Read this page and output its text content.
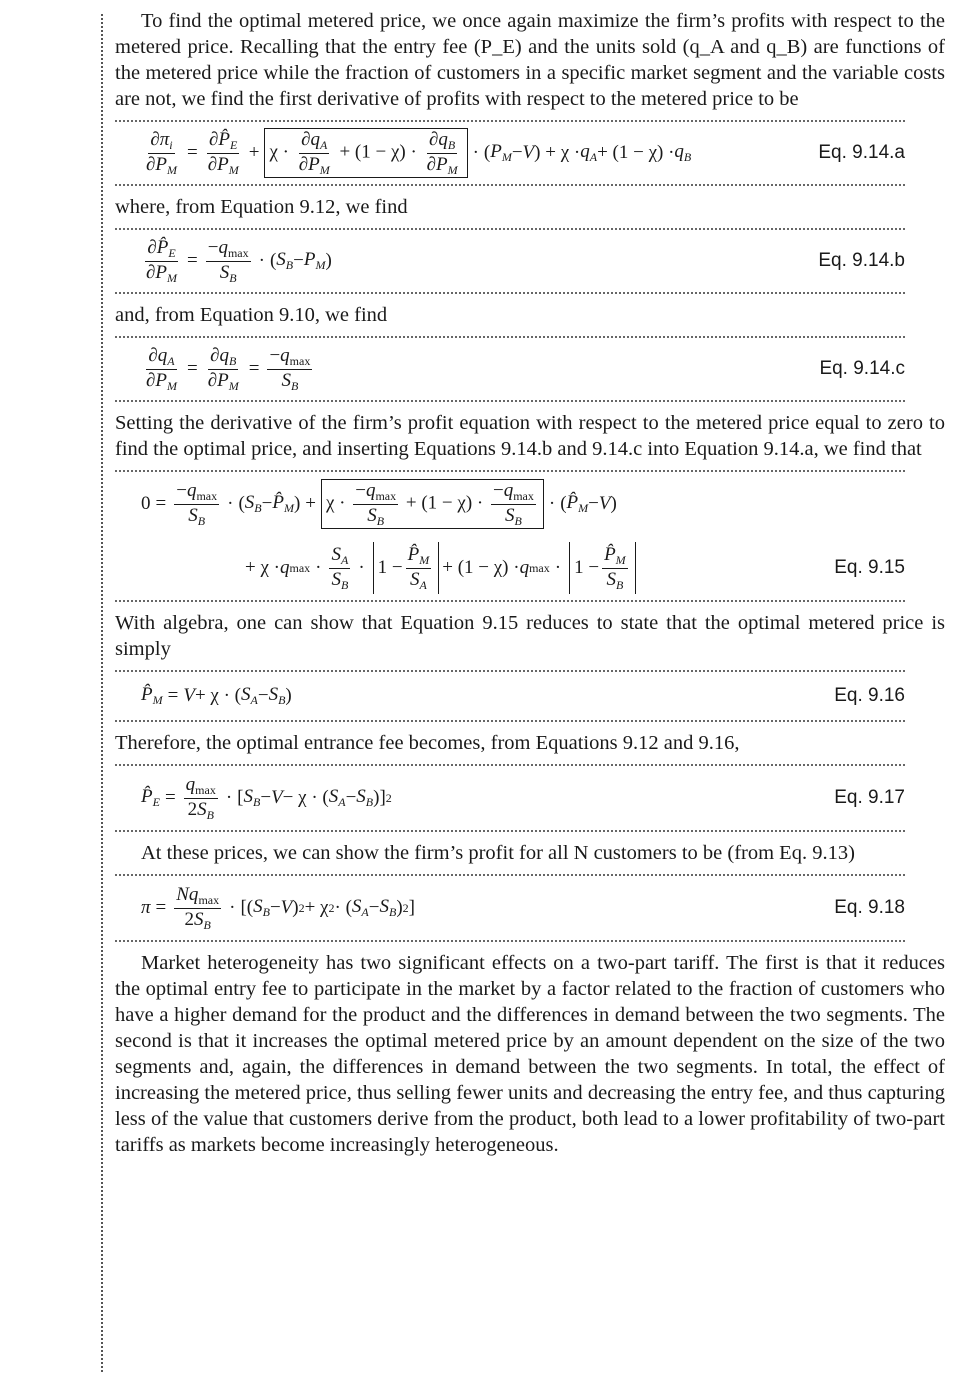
To find the optimal metered price, we once again maximize the firm’s profits with respect to the metered price. Recalling that the entry fee (P_E) and the units sold (q_A and q_B) are functions of the metered price while the fraction of customers in a specific market segment and the variable costs are not, we find the first derivative of profits with respect to the metered price to be

$\frac{\partial\pi_i}{\partial P_M} = \frac{\partial P̂_E}{\partial P_M} + \chi \cdot \frac{\partial q_A}{\partial P_M} + (1 - \chi) \cdot \frac{\partial q_B}{\partial P_M}$ · ( $P_M - V$ ) + $\chi \cdot q_A + (1 - \chi) \cdot q_B$	Eq. 9.14.a

where, from Equation 9.12, we find

$\frac{\partial P̂_E}{\partial P_M} = \frac{-q_{max}}{S_B}$ · ( $S_B - P_M$ )	Eq. 9.14.b

and, from Equation 9.10, we find

$\frac{\partial q_A}{\partial P_M} = \frac{\partial q_B}{\partial P_M} = \frac{-q_{max}}{S_B}$	Eq. 9.14.c

Setting the derivative of the firm’s profit equation with respect to the metered price equal to zero to find the optimal price, and inserting Equations 9.14.b and 9.14.c into Equation 9.14.a, we find that

$0 = \frac{-q_{max}}{S_B}$ · ( $S_B$ − $P̂_M$ ) + $\chi \cdot \frac{-q_{max}}{S_B} + (1 - \chi) \cdot \frac{-q_{max}}{S_B}$ · ( $P̂_M - V$ )
+ χ · q $\max \cdot \frac{S_A}{S_B} \cdot 1 - \frac{P̂_M}{S_A} + (1 - \chi) \cdot q$ $\max \cdot 1 - \frac{P̂_M}{S_B}$	Eq. 9.15

With algebra, one can show that Equation 9.15 reduces to state that the optimal metered price is simply

$P̂_M = V + \chi$ · ( $S_A - S_B$ )	Eq. 9.16

Therefore, the optimal entrance fee becomes, from Equations 9.12 and 9.16,

$P̂_E = \frac{q_{max}}{2S_B}$ · [ $S_B - V - \chi$ · ( $S_A - S_B$ )] 2	Eq. 9.17

At these prices, we can show the firm’s profit for all N customers to be (from Eq. 9.13)

$\pi = \frac{Nq_{max}}{2S_B}$ · [( $S_B - V$ ) 2 + χ 2 · ( $S_A - S_B$ ) 2 ]	Eq. 9.18

Market heterogeneity has two significant effects on a two-part tariff. The first is that it reduces the optimal entry fee to participate in the market by a factor related to the fraction of customers who have a higher demand for the product and the differences in demand between the two segments. The second is that it increases the optimal metered price by an amount dependent on the size of the two segments and, again, the differences in demand between the two segments. In total, the effect of increasing the metered price, thus selling fewer units and decreasing the entry fee, and thus capturing less of the value that customers derive from the product, both lead to a lower profitability of two-part tariffs as markets become increasingly heterogeneous.
